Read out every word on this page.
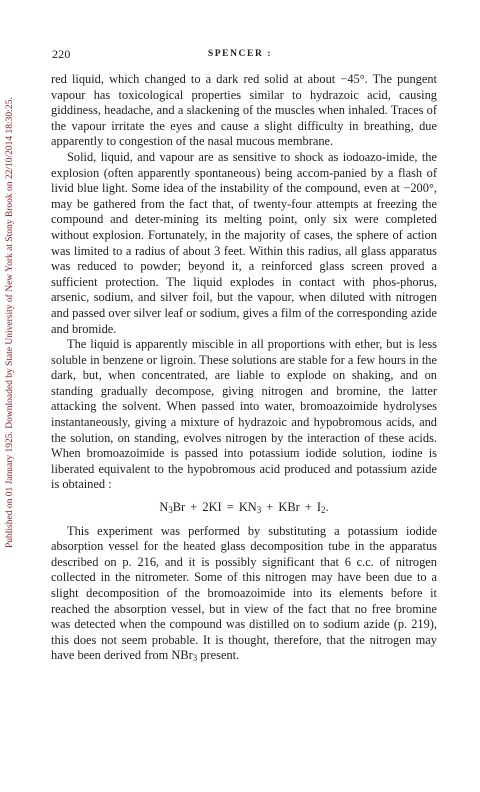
Published on 01 January 1925. Downloaded by State University of New York at Stony Brook on 22/10/2014 18:30:25.
220	SPENCER :

red liquid, which changed to a dark red solid at about −45°. The pungent vapour has toxicological properties similar to hydrazoic acid, causing giddiness, headache, and a slackening of the muscles when inhaled. Traces of the vapour irritate the eyes and cause a slight difficulty in breathing, due apparently to congestion of the nasal mucous membrane.

Solid, liquid, and vapour are as sensitive to shock as iodoazo-imide, the explosion (often apparently spontaneous) being accom-panied by a flash of livid blue light. Some idea of the instability of the compound, even at −200°, may be gathered from the fact that, of twenty-four attempts at freezing the compound and deter-mining its melting point, only six were completed without explosion. Fortunately, in the majority of cases, the sphere of action was limited to a radius of about 3 feet. Within this radius, all glass apparatus was reduced to powder; beyond it, a reinforced glass screen proved a sufficient protection. The liquid explodes in contact with phos-phorus, arsenic, sodium, and silver foil, but the vapour, when diluted with nitrogen and passed over silver leaf or sodium, gives a film of the corresponding azide and bromide.

The liquid is apparently miscible in all proportions with ether, but is less soluble in benzene or ligroin. These solutions are stable for a few hours in the dark, but, when concentrated, are liable to explode on shaking, and on standing gradually decompose, giving nitrogen and bromine, the latter attacking the solvent. When passed into water, bromoazoimide hydrolyses instantaneously, giving a mixture of hydrazoic and hypobromous acids, and the solution, on standing, evolves nitrogen by the interaction of these acids. When bromoazoimide is passed into potassium iodide solution, iodine is liberated equivalent to the hypobromous acid produced and potassium azide is obtained :

$N_3Br + 2KI = KN_3$ + KBr + $I_2$.

This experiment was performed by substituting a potassium iodide absorption vessel for the heated glass decomposition tube in the apparatus described on p. 216, and it is possibly significant that 6 c.c. of nitrogen collected in the nitrometer. Some of this nitrogen may have been due to a slight decomposition of the bromoazoimide into its elements before it reached the absorption vessel, but in view of the fact that no free bromine was detected when the compound was distilled on to sodium azide (p. 219), this does not seem probable. It is thought, therefore, that the nitrogen may have been derived from NBr$_3$ present.
